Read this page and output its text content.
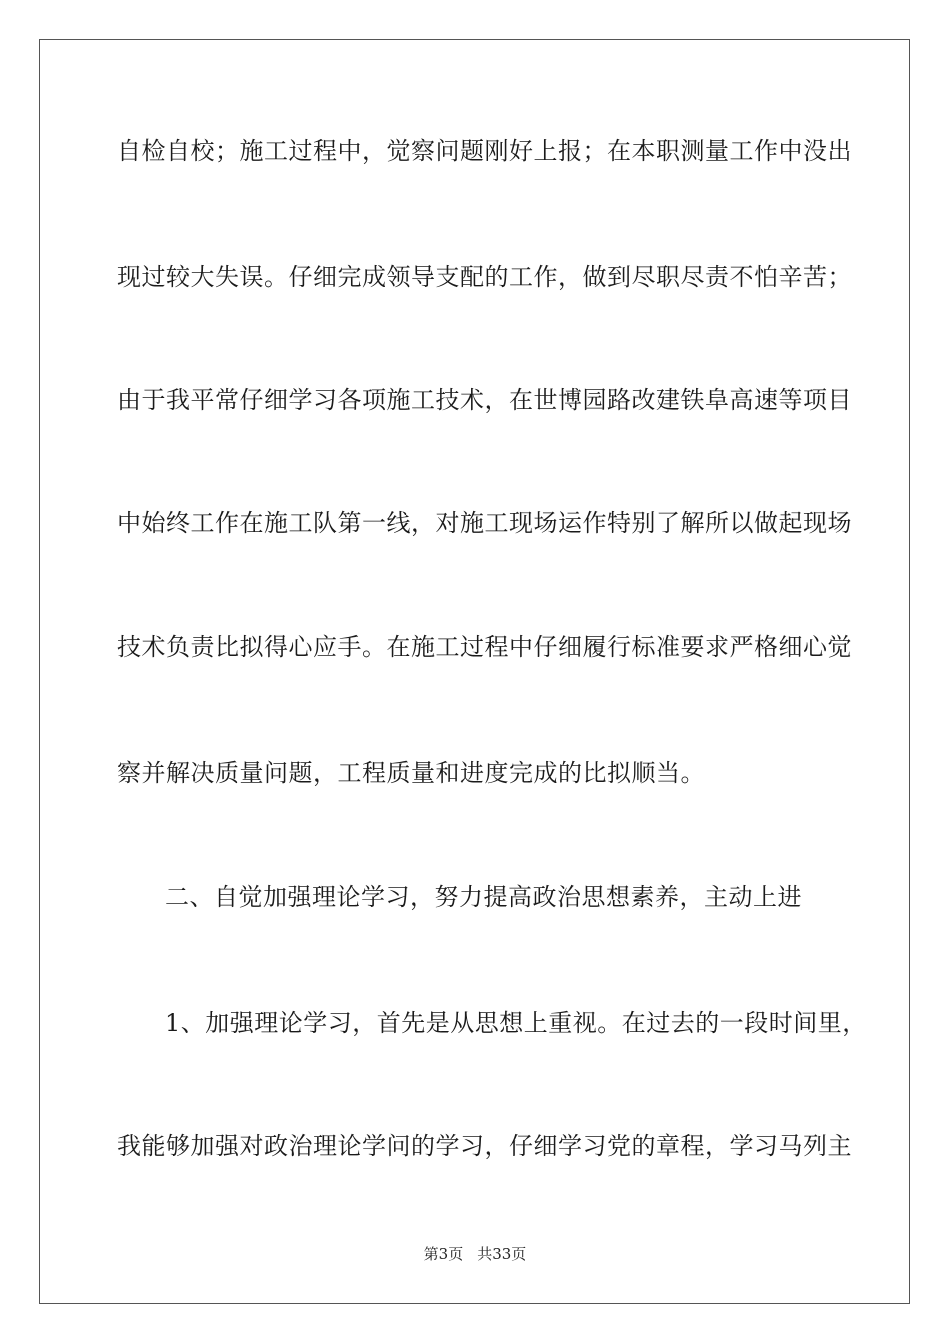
自检自校；施工过程中，觉察问题刚好上报；在本职测量工作中没出
现过较大失误。仔细完成领导支配的工作，做到尽职尽责不怕辛苦；
由于我平常仔细学习各项施工技术，在世博园路改建铁阜高速等项目
中始终工作在施工队第一线，对施工现场运作特别了解所以做起现场
技术负责比拟得心应手。在施工过程中仔细履行标准要求严格细心觉
察并解决质量问题，工程质量和进度完成的比拟顺当。
二、自觉加强理论学习，努力提高政治思想素养，主动上进
1、加强理论学习，首先是从思想上重视。在过去的一段时间里，
我能够加强对政治理论学问的学习，仔细学习党的章程，学习马列主
第3页 共33页
